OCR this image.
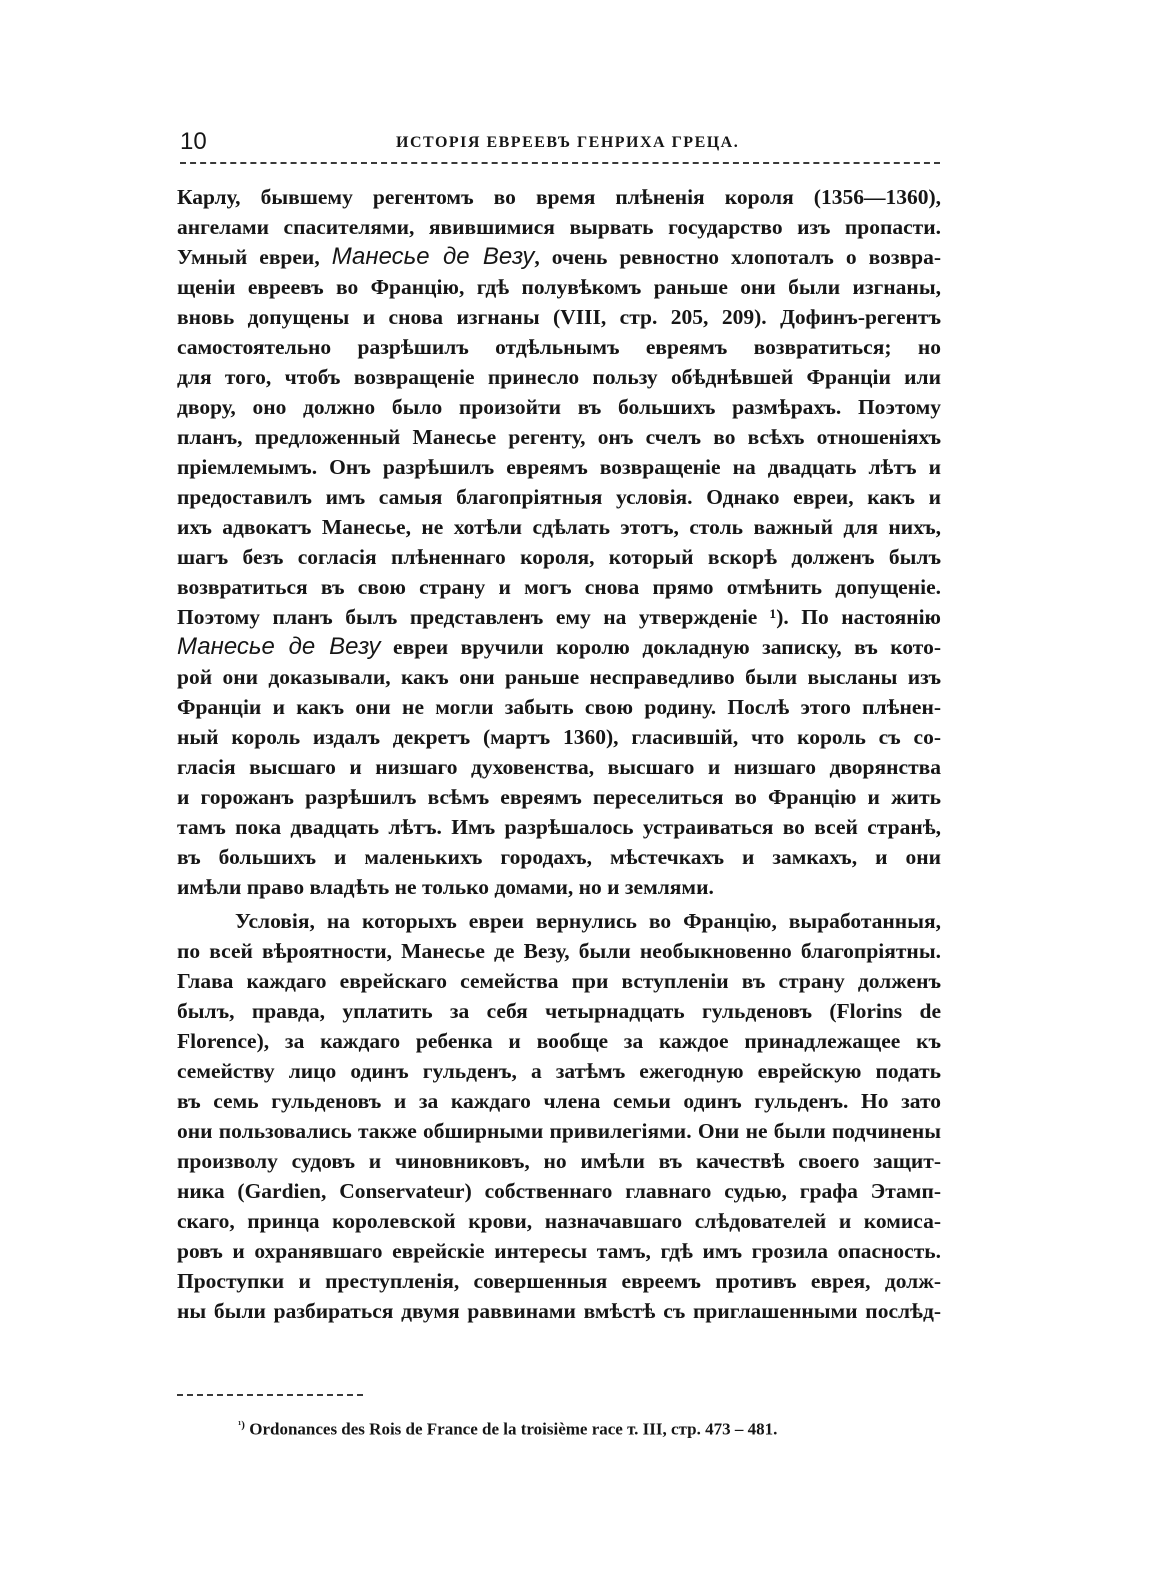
10	ИСТОРІЯ ЕВРЕЕВЪ ГЕНРИХА ГРЕЦА.
Карлу, бывшему регентомъ во время плѣненія короля (1356—1360),
ангелами спасителями, явившимися вырвать государство изъ пропасти.
Умный евреи, Манесье де Везу, очень ревностно хлопоталъ о возвра-
щеніи евреевъ во Францію, гдѣ полувѣкомъ раньше они были изгнаны,
вновь допущены и снова изгнаны (VIII, стр. 205, 209). Дофинъ-регентъ
самостоятельно разрѣшилъ отдѣльнымъ евреямъ возвратиться; но
для того, чтобъ возвращеніе принесло пользу обѣднѣвшей Франціи или
двору, оно должно было произойти въ большихъ размѣрахъ. Поэтому
планъ, предложенный Манесье регенту, онъ счелъ во всѣхъ отношеніяхъ
пріемлемымъ. Онъ разрѣшилъ евреямъ возвращеніе на двадцать лѣтъ и
предоставилъ имъ самыя благопріятныя условія. Однако евреи, какъ и
ихъ адвокатъ Манесье, не хотѣли сдѣлать этотъ, столь важный для нихъ,
шагъ безъ согласія плѣненнаго короля, который вскорѣ долженъ былъ
возвратиться въ свою страну и могъ снова прямо отмѣнить допущеніе.
Поэтому планъ былъ представленъ ему на утвержденіе ¹). По настоянію
Манесье де Везу евреи вручили королю докладную записку, въ кото-
рой они доказывали, какъ они раньше несправедливо были высланы изъ
Франціи и какъ они не могли забыть свою родину. Послѣ этого плѣнен-
ный король издалъ декретъ (мартъ 1360), гласившій, что король съ со-
гласія высшаго и низшаго духовенства, высшаго и низшаго дворянства
и горожанъ разрѣшилъ всѣмъ евреямъ переселиться во Францію и жить
тамъ пока двадцать лѣтъ. Имъ разрѣшалось устраиваться во всей странѣ,
въ большихъ и маленькихъ городахъ, мѣстечкахъ и замкахъ, и они
имѣли право владѣть не только домами, но и землями.
Условія, на которыхъ евреи вернулись во Францію, выработанныя,
по всей вѣроятности, Манесье де Везу, были необыкновенно благопріятны.
Глава каждаго еврейскаго семейства при вступленіи въ страну долженъ
былъ, правда, уплатить за себя четырнадцать гульденовъ (Florins de
Florence), за каждаго ребенка и вообще за каждое принадлежащее къ
семейству лицо одинъ гульденъ, а затѣмъ ежегодную еврейскую подать
въ семь гульденовъ и за каждаго члена семьи одинъ гульденъ. Но зато
они пользовались также обширными привилегіями. Они не были подчинены
произволу судовъ и чиновниковъ, но имѣли въ качествѣ своего защит-
ника (Gardien, Conservateur) собственнаго главнаго судью, графа Этамп-
скаго, принца королевской крови, назначавшаго слѣдователей и комиса-
ровъ и охранявшаго еврейскіе интересы тамъ, гдѣ имъ грозила опасность.
Проступки и преступленія, совершенныя евреемъ противъ еврея, долж-
ны были разбираться двумя раввинами вмѣстѣ съ приглашенными послѣд-
$^{^1)}$ Ordonances des Rois de France de la troisième race т. III, стр. 473 – 481.
